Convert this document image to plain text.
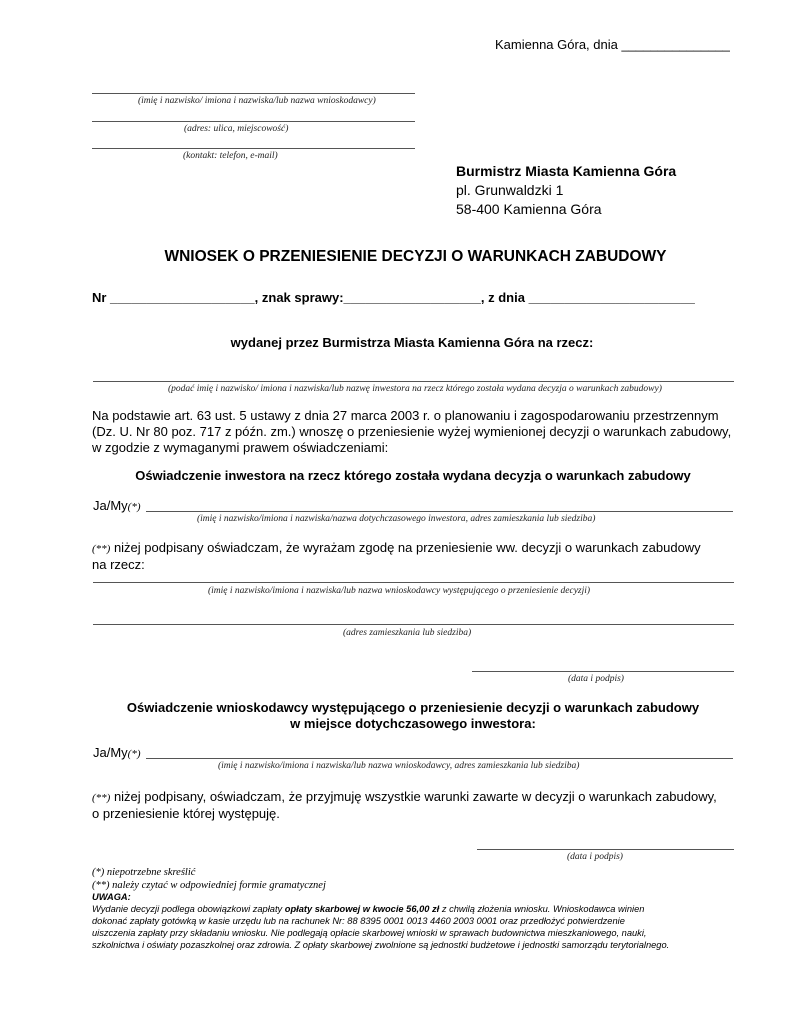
Kamienna Góra, dnia _______________
(imię i nazwisko/ imiona i nazwiska/lub nazwa wnioskodawcy)
(adres: ulica, miejscowość)
(kontakt: telefon, e-mail)
Burmistrz Miasta Kamienna Góra
pl. Grunwaldzki 1
58-400 Kamienna Góra
WNIOSEK O PRZENIESIENIE DECYZJI O WARUNKACH ZABUDOWY
Nr ____________________, znak sprawy:___________________, z dnia _______________________
wydanej przez Burmistrza Miasta Kamienna Góra na rzecz:
(podać imię i nazwisko/ imiona i nazwiska/lub nazwę inwestora na rzecz którego została wydana decyzja o warunkach zabudowy)
Na podstawie art. 63 ust. 5 ustawy z dnia 27 marca 2003 r. o planowaniu i zagospodarowaniu przestrzennym
(Dz. U. Nr 80 poz. 717 z późn. zm.) wnoszę o przeniesienie wyżej wymienionej decyzji o warunkach zabudowy,
w zgodzie z wymaganymi prawem oświadczeniami:
Oświadczenie inwestora na rzecz którego została wydana decyzja o warunkach zabudowy
Ja/My(*)
(imię i nazwisko/imiona i nazwiska/nazwa dotychczasowego inwestora, adres zamieszkania lub siedziba)
(**) niżej podpisany oświadczam, że wyrażam zgodę na przeniesienie ww. decyzji o warunkach zabudowy
na rzecz:
(imię i nazwisko/imiona i nazwiska/lub nazwa wnioskodawcy występującego o przeniesienie decyzji)
(adres zamieszkania lub siedziba)
(data i podpis)
Oświadczenie wnioskodawcy występującego o przeniesienie decyzji o warunkach zabudowy
w miejsce dotychczasowego inwestora:
Ja/My(*)
(imię i nazwisko/imiona i nazwiska/lub nazwa wnioskodawcy, adres zamieszkania lub siedziba)
(**) niżej podpisany, oświadczam, że przyjmuję wszystkie warunki zawarte w decyzji o warunkach zabudowy,
o przeniesienie której występuję.
(data i podpis)
(*) niepotrzebne skreślić
(**) należy czytać w odpowiedniej formie gramatycznej
UWAGA:
Wydanie decyzji podlega obowiązkowi zapłaty opłaty skarbowej w kwocie 56,00 zł z chwilą złożenia wniosku. Wnioskodawca winien
dokonać zapłaty gotówką w kasie urzędu lub na rachunek Nr: 88 8395 0001 0013 4460 2003 0001 oraz przedłożyć potwierdzenie
uiszczenia zapłaty przy składaniu wniosku. Nie podlegają opłacie skarbowej wnioski w sprawach budownictwa mieszkaniowego, nauki,
szkolnictwa i oświaty pozaszkolnej oraz zdrowia. Z opłaty skarbowej zwolnione są jednostki budżetowe i jednostki samorządu terytorialnego.
